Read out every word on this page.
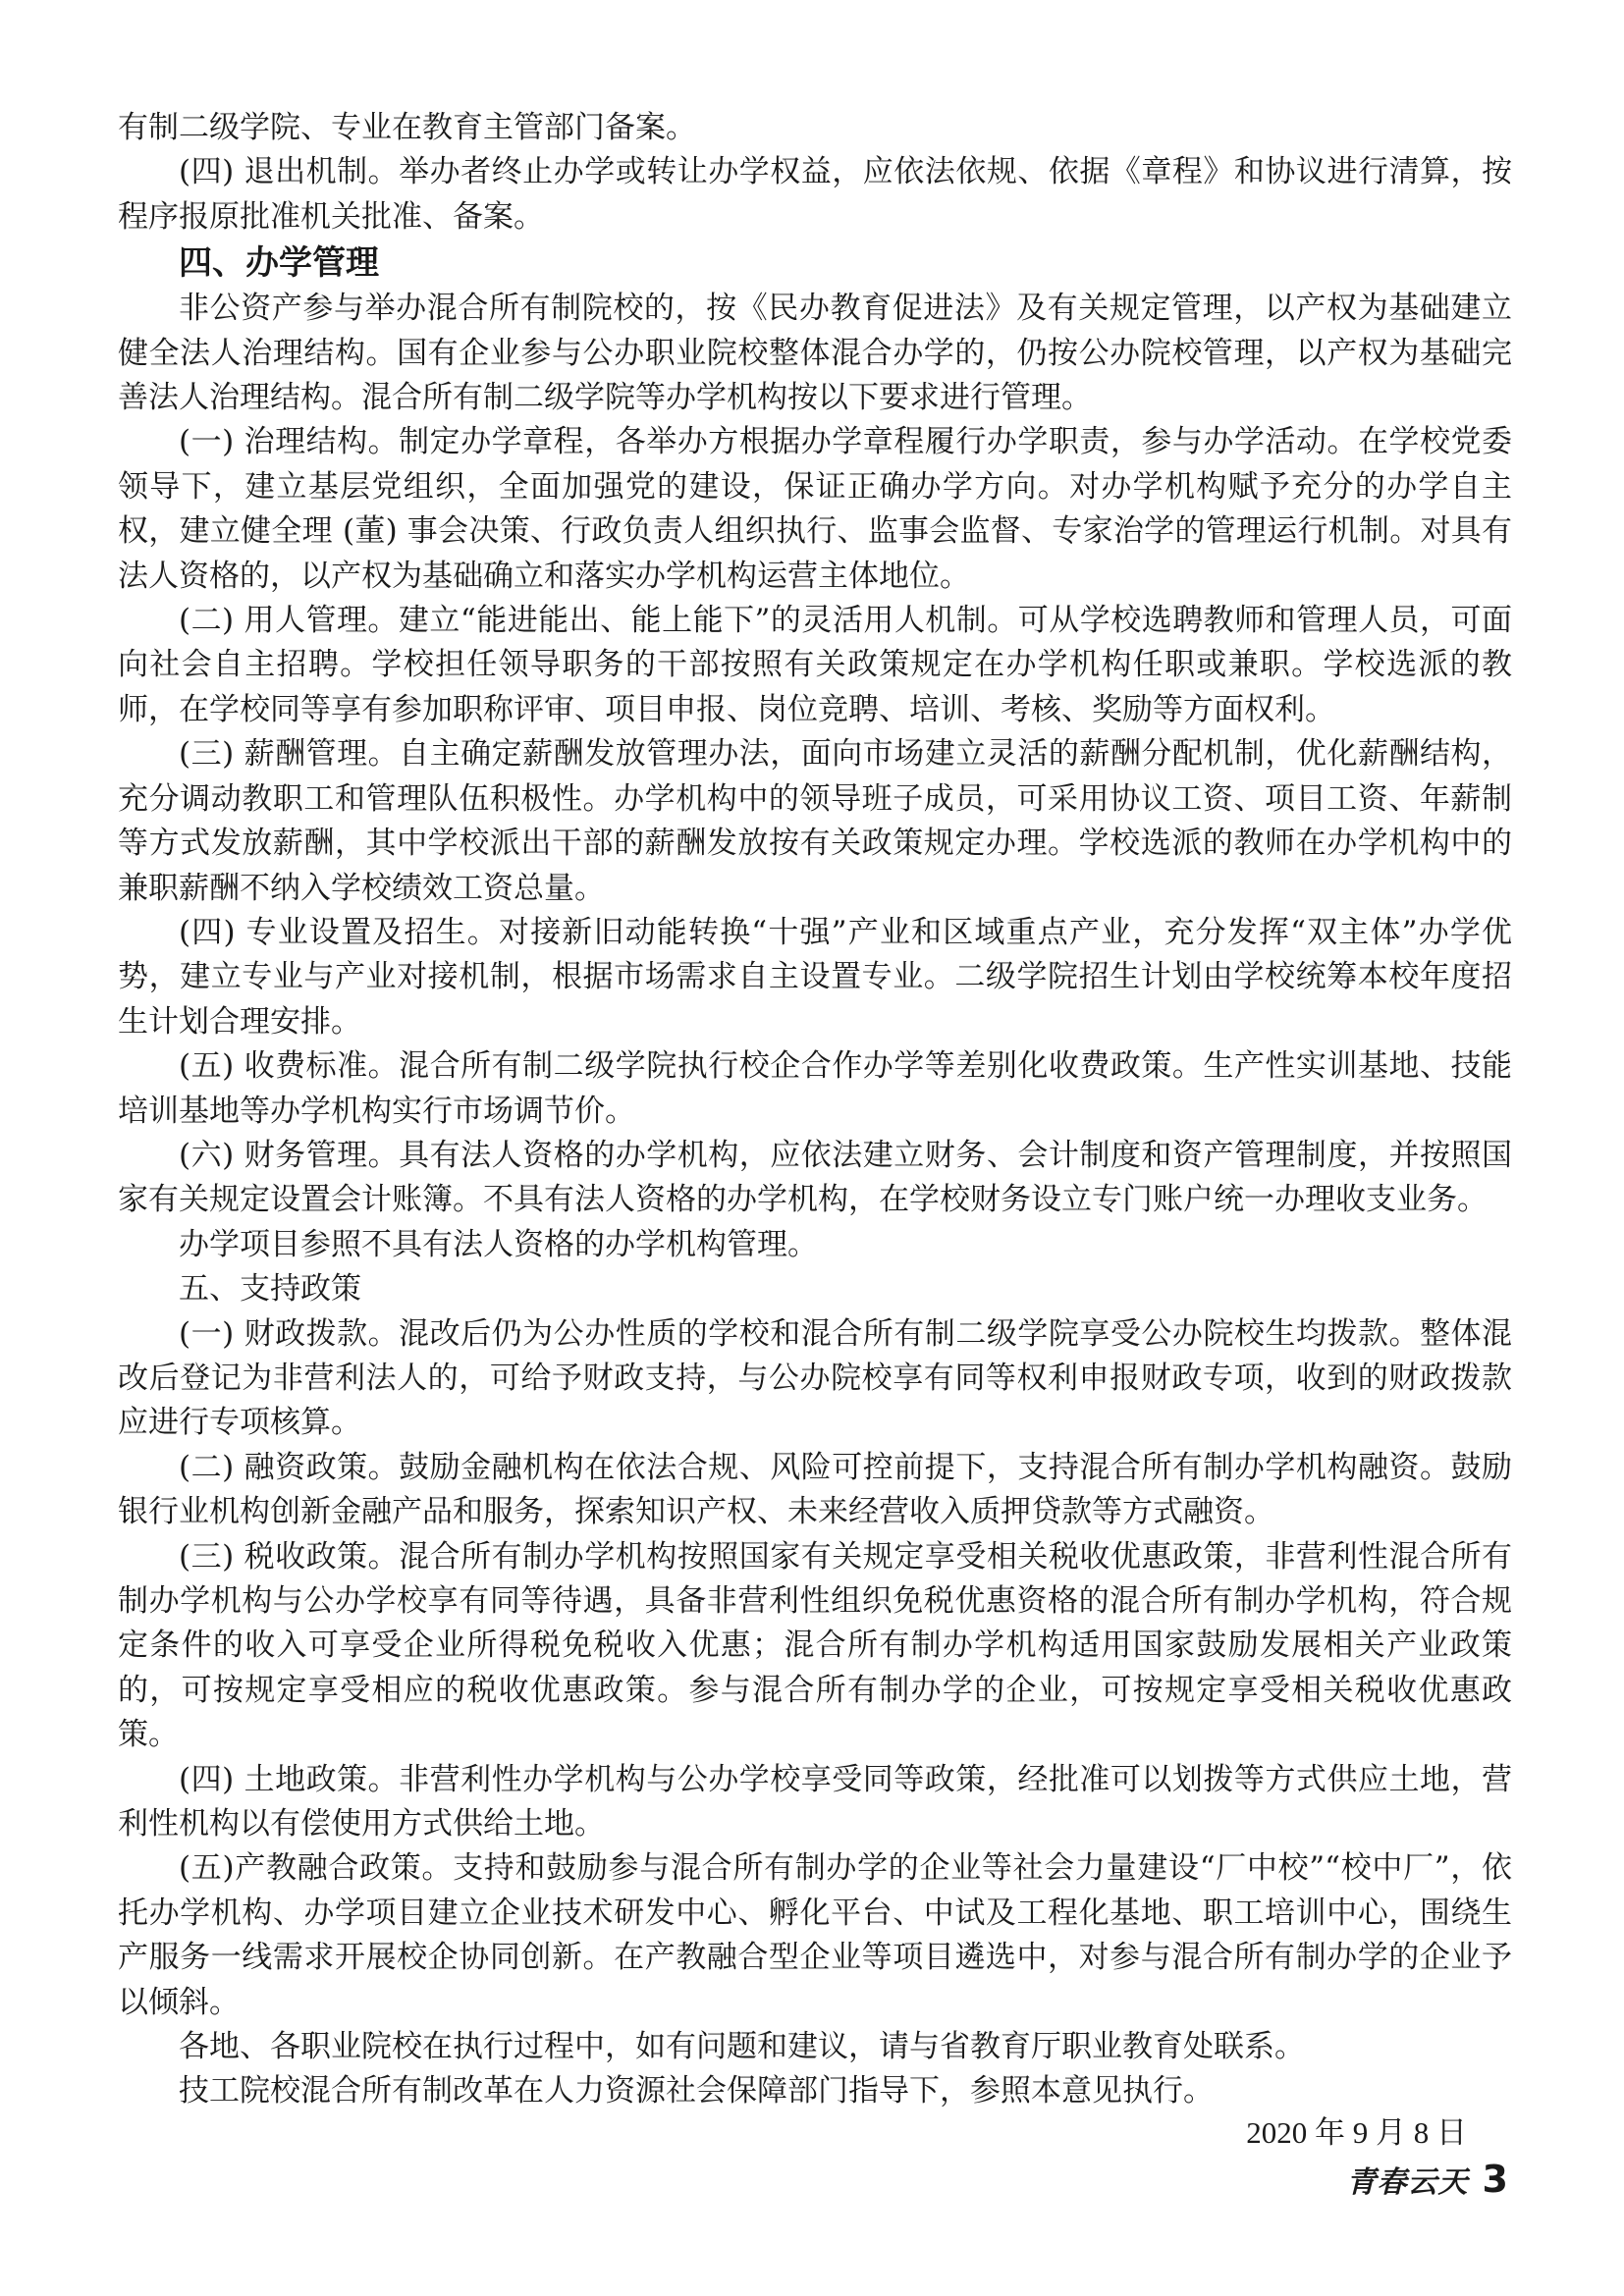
有制二级学院、专业在教育主管部门备案。

(四) 退出机制。举办者终止办学或转让办学权益，应依法依规、依据《章程》和协议进行清算，按程序报原批准机关批准、备案。

四、办学管理

非公资产参与举办混合所有制院校的，按《民办教育促进法》及有关规定管理，以产权为基础建立健全法人治理结构。国有企业参与公办职业院校整体混合办学的，仍按公办院校管理，以产权为基础完善法人治理结构。混合所有制二级学院等办学机构按以下要求进行管理。

(一) 治理结构。制定办学章程，各举办方根据办学章程履行办学职责，参与办学活动。在学校党委领导下，建立基层党组织，全面加强党的建设，保证正确办学方向。对办学机构赋予充分的办学自主权，建立健全理 (董) 事会决策、行政负责人组织执行、监事会监督、专家治学的管理运行机制。对具有法人资格的，以产权为基础确立和落实办学机构运营主体地位。

(二) 用人管理。建立“能进能出、能上能下”的灵活用人机制。可从学校选聘教师和管理人员，可面向社会自主招聘。学校担任领导职务的干部按照有关政策规定在办学机构任职或兼职。学校选派的教师，在学校同等享有参加职称评审、项目申报、岗位竞聘、培训、考核、奖励等方面权利。

(三) 薪酬管理。自主确定薪酬发放管理办法，面向市场建立灵活的薪酬分配机制，优化薪酬结构，充分调动教职工和管理队伍积极性。办学机构中的领导班子成员，可采用协议工资、项目工资、年薪制等方式发放薪酬，其中学校派出干部的薪酬发放按有关政策规定办理。学校选派的教师在办学机构中的兼职薪酬不纳入学校绩效工资总量。

(四) 专业设置及招生。对接新旧动能转换“十强”产业和区域重点产业，充分发挥“双主体”办学优势，建立专业与产业对接机制，根据市场需求自主设置专业。二级学院招生计划由学校统筹本校年度招生计划合理安排。

(五) 收费标准。混合所有制二级学院执行校企合作办学等差别化收费政策。生产性实训基地、技能培训基地等办学机构实行市场调节价。

(六) 财务管理。具有法人资格的办学机构，应依法建立财务、会计制度和资产管理制度，并按照国家有关规定设置会计账簿。不具有法人资格的办学机构，在学校财务设立专门账户统一办理收支业务。

办学项目参照不具有法人资格的办学机构管理。

五、支持政策

(一) 财政拨款。混改后仍为公办性质的学校和混合所有制二级学院享受公办院校生均拨款。整体混改后登记为非营利法人的，可给予财政支持，与公办院校享有同等权利申报财政专项，收到的财政拨款应进行专项核算。

(二) 融资政策。鼓励金融机构在依法合规、风险可控前提下，支持混合所有制办学机构融资。鼓励银行业机构创新金融产品和服务，探索知识产权、未来经营收入质押贷款等方式融资。

(三) 税收政策。混合所有制办学机构按照国家有关规定享受相关税收优惠政策，非营利性混合所有制办学机构与公办学校享有同等待遇，具备非营利性组织免税优惠资格的混合所有制办学机构，符合规定条件的收入可享受企业所得税免税收入优惠；混合所有制办学机构适用国家鼓励发展相关产业政策的，可按规定享受相应的税收优惠政策。参与混合所有制办学的企业，可按规定享受相关税收优惠政策。

(四) 土地政策。非营利性办学机构与公办学校享受同等政策，经批准可以划拨等方式供应土地，营利性机构以有偿使用方式供给土地。

(五)产教融合政策。支持和鼓励参与混合所有制办学的企业等社会力量建设“厂中校”“校中厂”，依托办学机构、办学项目建立企业技术研发中心、孵化平台、中试及工程化基地、职工培训中心，围绕生产服务一线需求开展校企协同创新。在产教融合型企业等项目遴选中，对参与混合所有制办学的企业予以倾斜。

各地、各职业院校在执行过程中，如有问题和建议，请与省教育厅职业教育处联系。

技工院校混合所有制改革在人力资源社会保障部门指导下，参照本意见执行。

2020 年 9 月 8 日
青春云天 3
